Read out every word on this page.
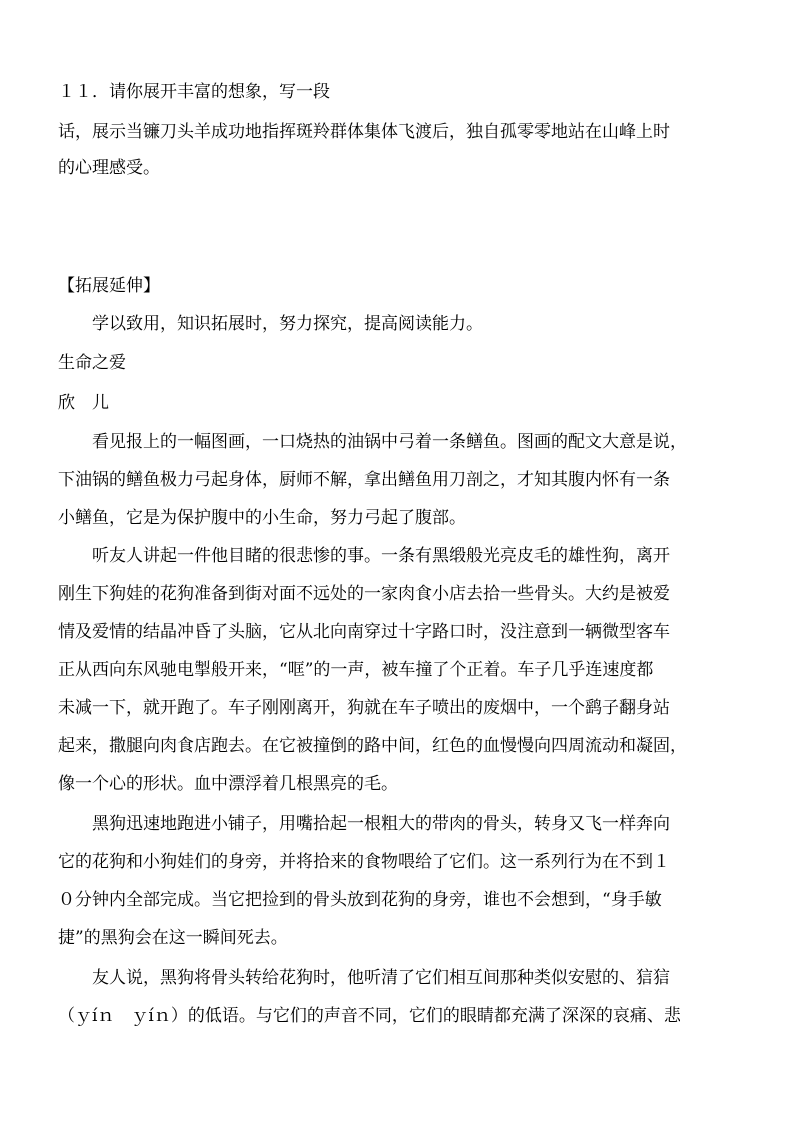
１１．请你展开丰富的想象，写一段
话，展示当镰刀头羊成功地指挥斑羚群体集体飞渡后，独自孤零零地站在山峰上时
的心理感受。
【拓展延伸】
学以致用，知识拓展时，努力探究，提高阅读能力。
生命之爱
欣　儿
看见报上的一幅图画，一口烧热的油锅中弓着一条鳝鱼。图画的配文大意是说，
下油锅的鳝鱼极力弓起身体，厨师不解，拿出鳝鱼用刀剖之，才知其腹内怀有一条
小鳝鱼，它是为保护腹中的小生命，努力弓起了腹部。
听友人讲起一件他目睹的很悲惨的事。一条有黑缎般光亮皮毛的雄性狗，离开
刚生下狗娃的花狗准备到街对面不远处的一家肉食小店去拾一些骨头。大约是被爱
情及爱情的结晶冲昏了头脑，它从北向南穿过十字路口时，没注意到一辆微型客车
正从西向东风驰电掣般开来，“哐”的一声，被车撞了个正着。车子几乎连速度都
未减一下，就开跑了。车子刚刚离开，狗就在车子喷出的废烟中，一个鹞子翻身站
起来，撒腿向肉食店跑去。在它被撞倒的路中间，红色的血慢慢向四周流动和凝固，
像一个心的形状。血中漂浮着几根黑亮的毛。
黑狗迅速地跑进小铺子，用嘴拾起一根粗大的带肉的骨头，转身又飞一样奔向
它的花狗和小狗娃们的身旁，并将拾来的食物喂给了它们。这一系列行为在不到１
０分钟内全部完成。当它把捡到的骨头放到花狗的身旁，谁也不会想到，“身手敏
捷”的黑狗会在这一瞬间死去。
友人说，黑狗将骨头转给花狗时，他听清了它们相互间那种类似安慰的、狺狺
（ｙíｎ　ｙíｎ）的低语。与它们的声音不同，它们的眼睛都充满了深深的哀痛、悲
